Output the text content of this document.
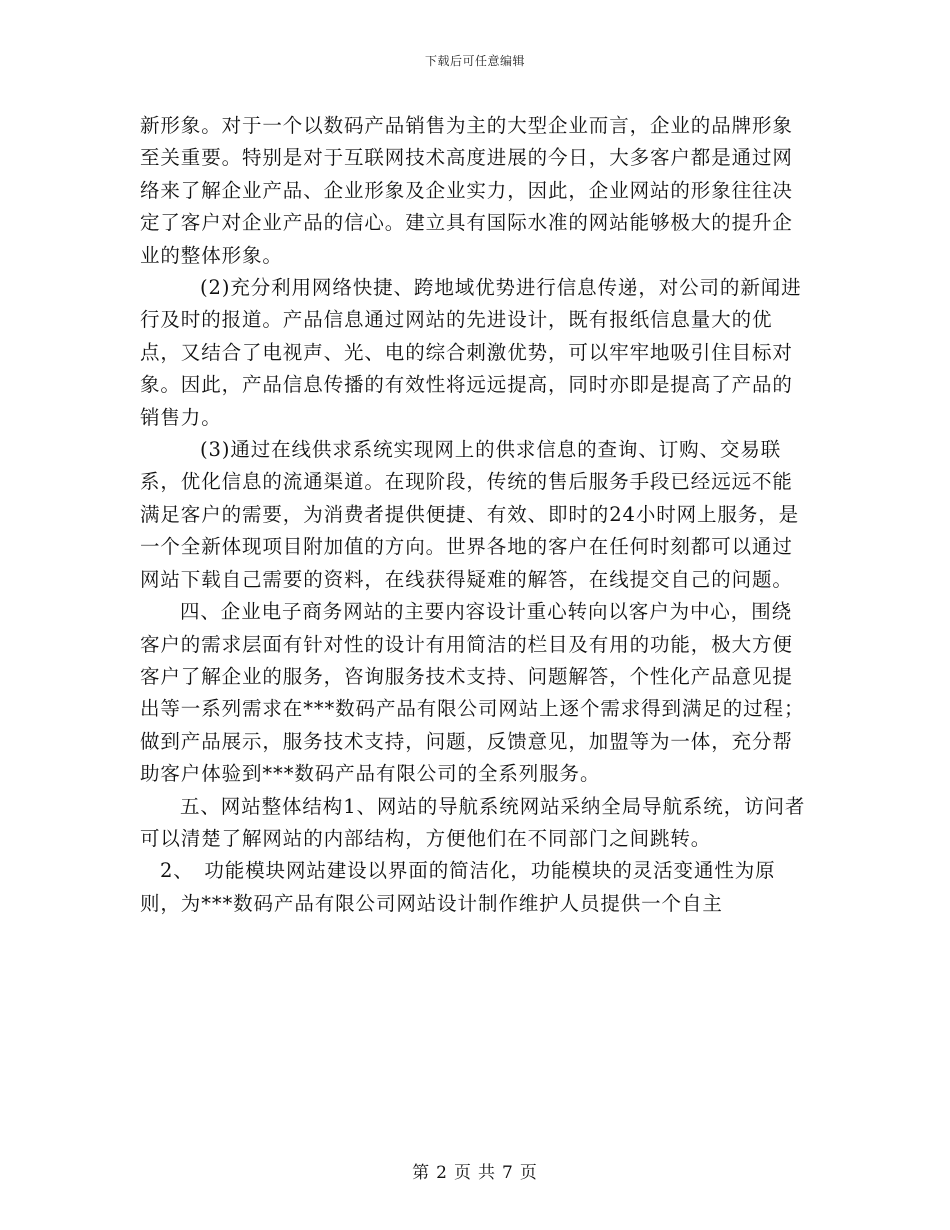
下载后可任意编辑

新形象。对于一个以数码产品销售为主的大型企业而言，企业的品牌形象至关重要。特别是对于互联网技术高度进展的今日，大多客户都是通过网络来了解企业产品、企业形象及企业实力，因此，企业网站的形象往往决定了客户对企业产品的信心。建立具有国际水准的网站能够极大的提升企业的整体形象。

(2)充分利用网络快捷、跨地域优势进行信息传递，对公司的新闻进行及时的报道。产品信息通过网站的先进设计，既有报纸信息量大的优点，又结合了电视声、光、电的综合刺激优势，可以牢牢地吸引住目标对象。因此，产品信息传播的有效性将远远提高，同时亦即是提高了产品的销售力。

(3)通过在线供求系统实现网上的供求信息的查询、订购、交易联系，优化信息的流通渠道。在现阶段，传统的售后服务手段已经远远不能满足客户的需要，为消费者提供便捷、有效、即时的24小时网上服务，是一个全新体现项目附加值的方向。世界各地的客户在任何时刻都可以通过网站下载自己需要的资料，在线获得疑难的解答，在线提交自己的问题。

四、企业电子商务网站的主要内容设计重心转向以客户为中心，围绕客户的需求层面有针对性的设计有用简洁的栏目及有用的功能，极大方便客户了解企业的服务，咨询服务技术支持、问题解答，个性化产品意见提出等一系列需求在***数码产品有限公司网站上逐个需求得到满足的过程；做到产品展示，服务技术支持，问题，反馈意见，加盟等为一体，充分帮助客户体验到***数码产品有限公司的全系列服务。

五、网站整体结构1、网站的导航系统网站采纳全局导航系统，访问者可以清楚了解网站的内部结构，方便他们在不同部门之间跳转。

2、　功能模块网站建设以界面的简洁化，功能模块的灵活变通性为原则，为***数码产品有限公司网站设计制作维护人员提供一个自主

第 2 页 共 7 页
